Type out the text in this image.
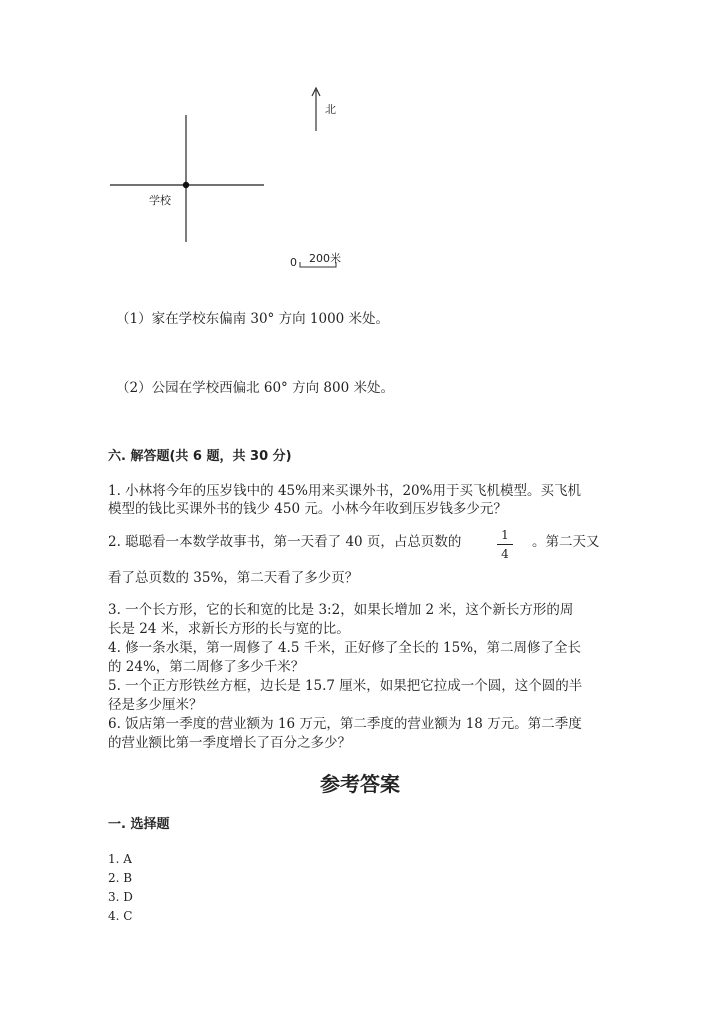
北
学校
0 200米
（1）家在学校东偏南 30° 方向 1000 米处。
（2）公园在学校西偏北 60° 方向 800 米处。
六. 解答题(共 6 题，共 30 分)
1. 小林将今年的压岁钱中的 45%用来买课外书，20%用于买飞机模型。买飞机
模型的钱比买课外书的钱少 450 元。小林今年收到压岁钱多少元？
2. 聪聪看一本数学故事书，第一天看了 40 页，占总页数的	1
4
。第二天又
看了总页数的 35%，第二天看了多少页？
3. 一个长方形，它的长和宽的比是 3:2，如果长增加 2 米，这个新长方形的周
长是 24 米，求新长方形的长与宽的比。
4. 修一条水渠，第一周修了 4.5 千米，正好修了全长的 15%，第二周修了全长
的 24%，第二周修了多少千米？
5. 一个正方形铁丝方框，边长是 15.7 厘米，如果把它拉成一个圆，这个圆的半
径是多少厘米？
6. 饭店第一季度的营业额为 16 万元，第二季度的营业额为 18 万元。第二季度
的营业额比第一季度增长了百分之多少？
参考答案
一. 选择题
1. A
2. B
3. D
4. C
